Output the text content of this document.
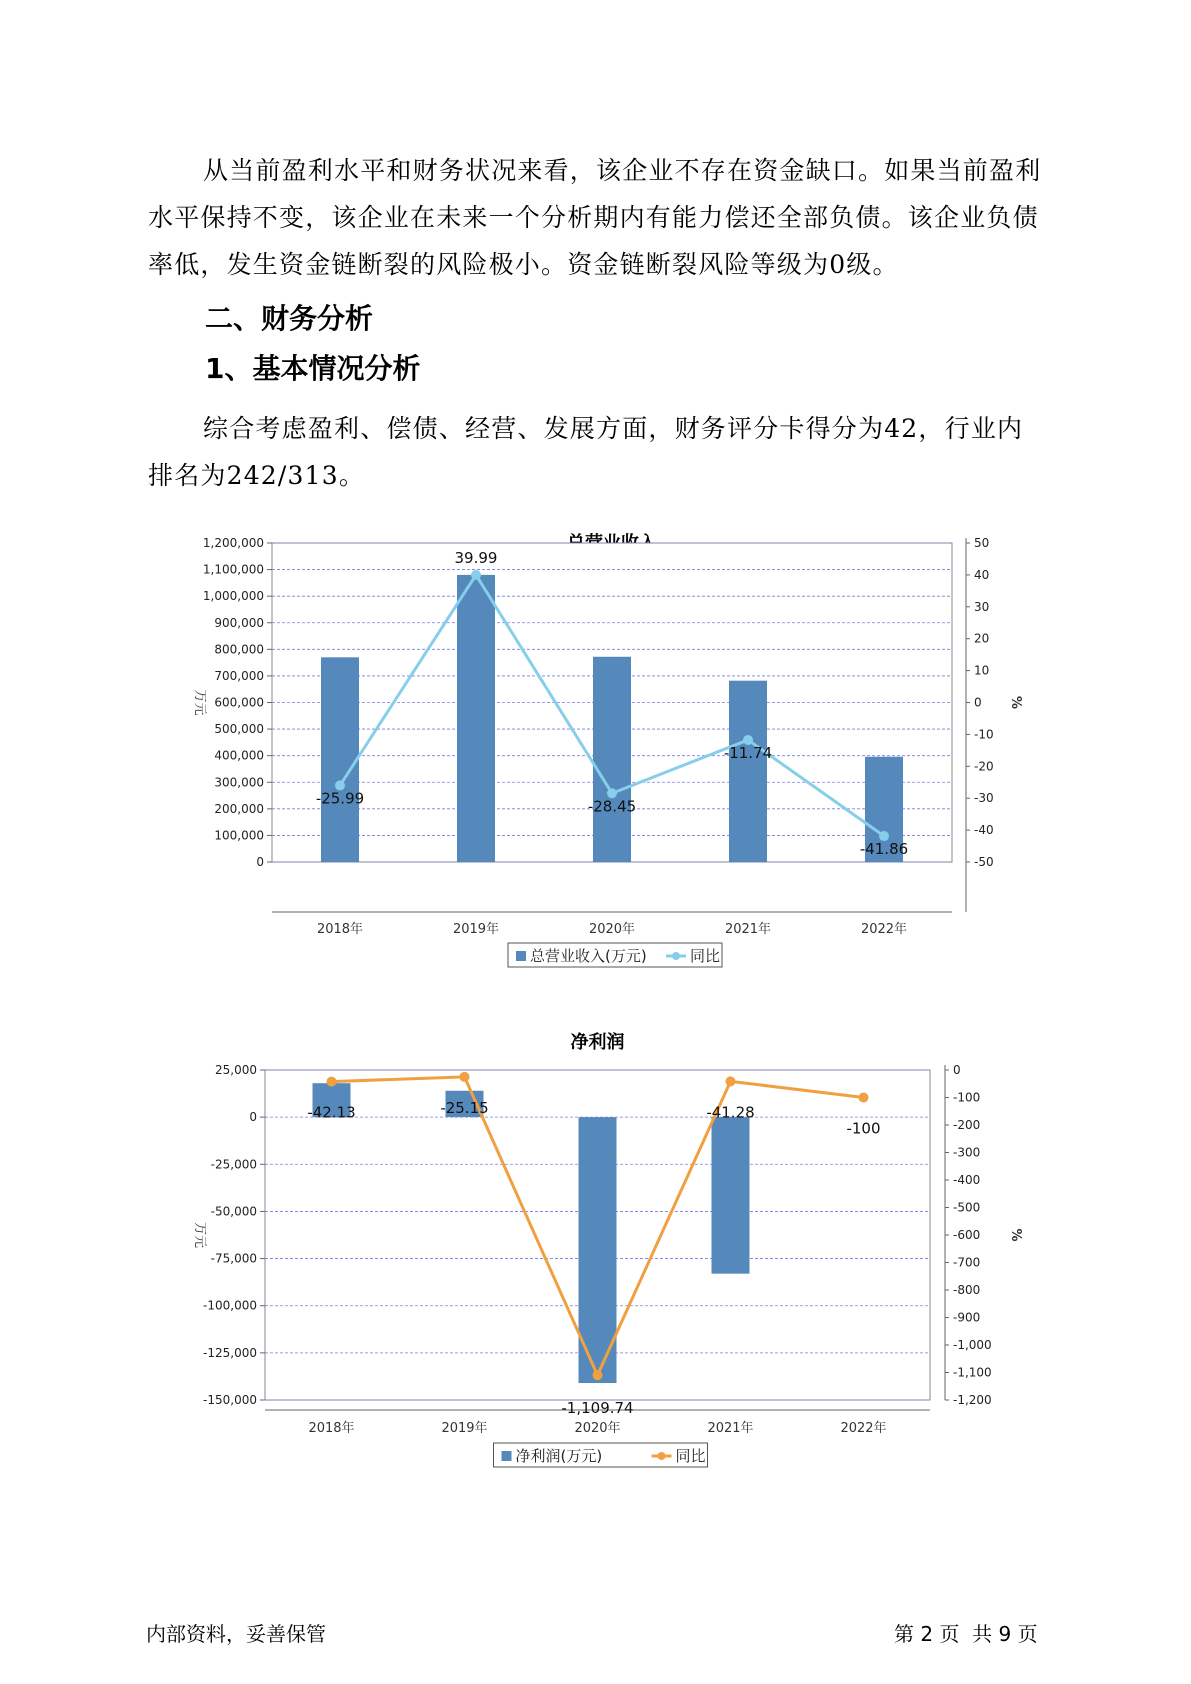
从当前盈利水平和财务状况来看，该企业不存在资金缺口。如果当前盈利水平保持不变，该企业在未来一个分析期内有能力偿还全部负债。该企业负债率低，发生资金链断裂的风险极小。资金链断裂风险等级为0级。

二、财务分析
1、基本情况分析

综合考虑盈利、偿债、经营、发展方面，财务评分卡得分为42，行业内排名为242/313。

0
100,000
200,000
300,000
400,000
500,000
600,000
700,000
800,000
900,000
1,000,000
1,100,000
1,200,000
-50
-40
-30
-20
-10
0
10
20
30
40
50
万元	%
2018年	2019年	2020年	2021年	2022年
-25.99
39.99
-28.45
-11.74
-41.86
总营业收入(万元)	同比
净利润
-150,000
-125,000
-100,000
-75,000
-50,000
-25,000
0
25,000
-1,200
-1,100
-1,000
-900
-800
-700
-600
-500
-400
-300
-200
-100
0
万元	%
2018年	2019年	2020年	2021年	2022年
-42.13	-25.15
-1,109.74
-41.28
-100
净利润(万元)	同比
内部资料，妥善保管	第 2 页  共 9 页
